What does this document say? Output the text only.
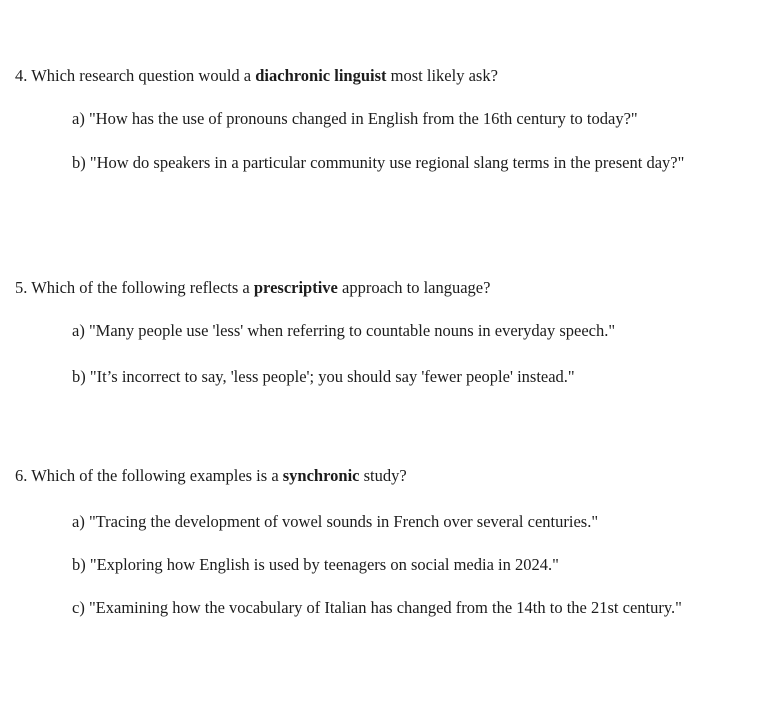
4. Which research question would a diachronic linguist most likely ask?
a) "How has the use of pronouns changed in English from the 16th century to today?"
b) "How do speakers in a particular community use regional slang terms in the present day?"
5. Which of the following reflects a prescriptive approach to language?
a) "Many people use 'less' when referring to countable nouns in everyday speech."
b) "It’s incorrect to say, 'less people'; you should say 'fewer people' instead."
6. Which of the following examples is a synchronic study?
a) "Tracing the development of vowel sounds in French over several centuries."
b) "Exploring how English is used by teenagers on social media in 2024."
c) "Examining how the vocabulary of Italian has changed from the 14th to the 21st century."
